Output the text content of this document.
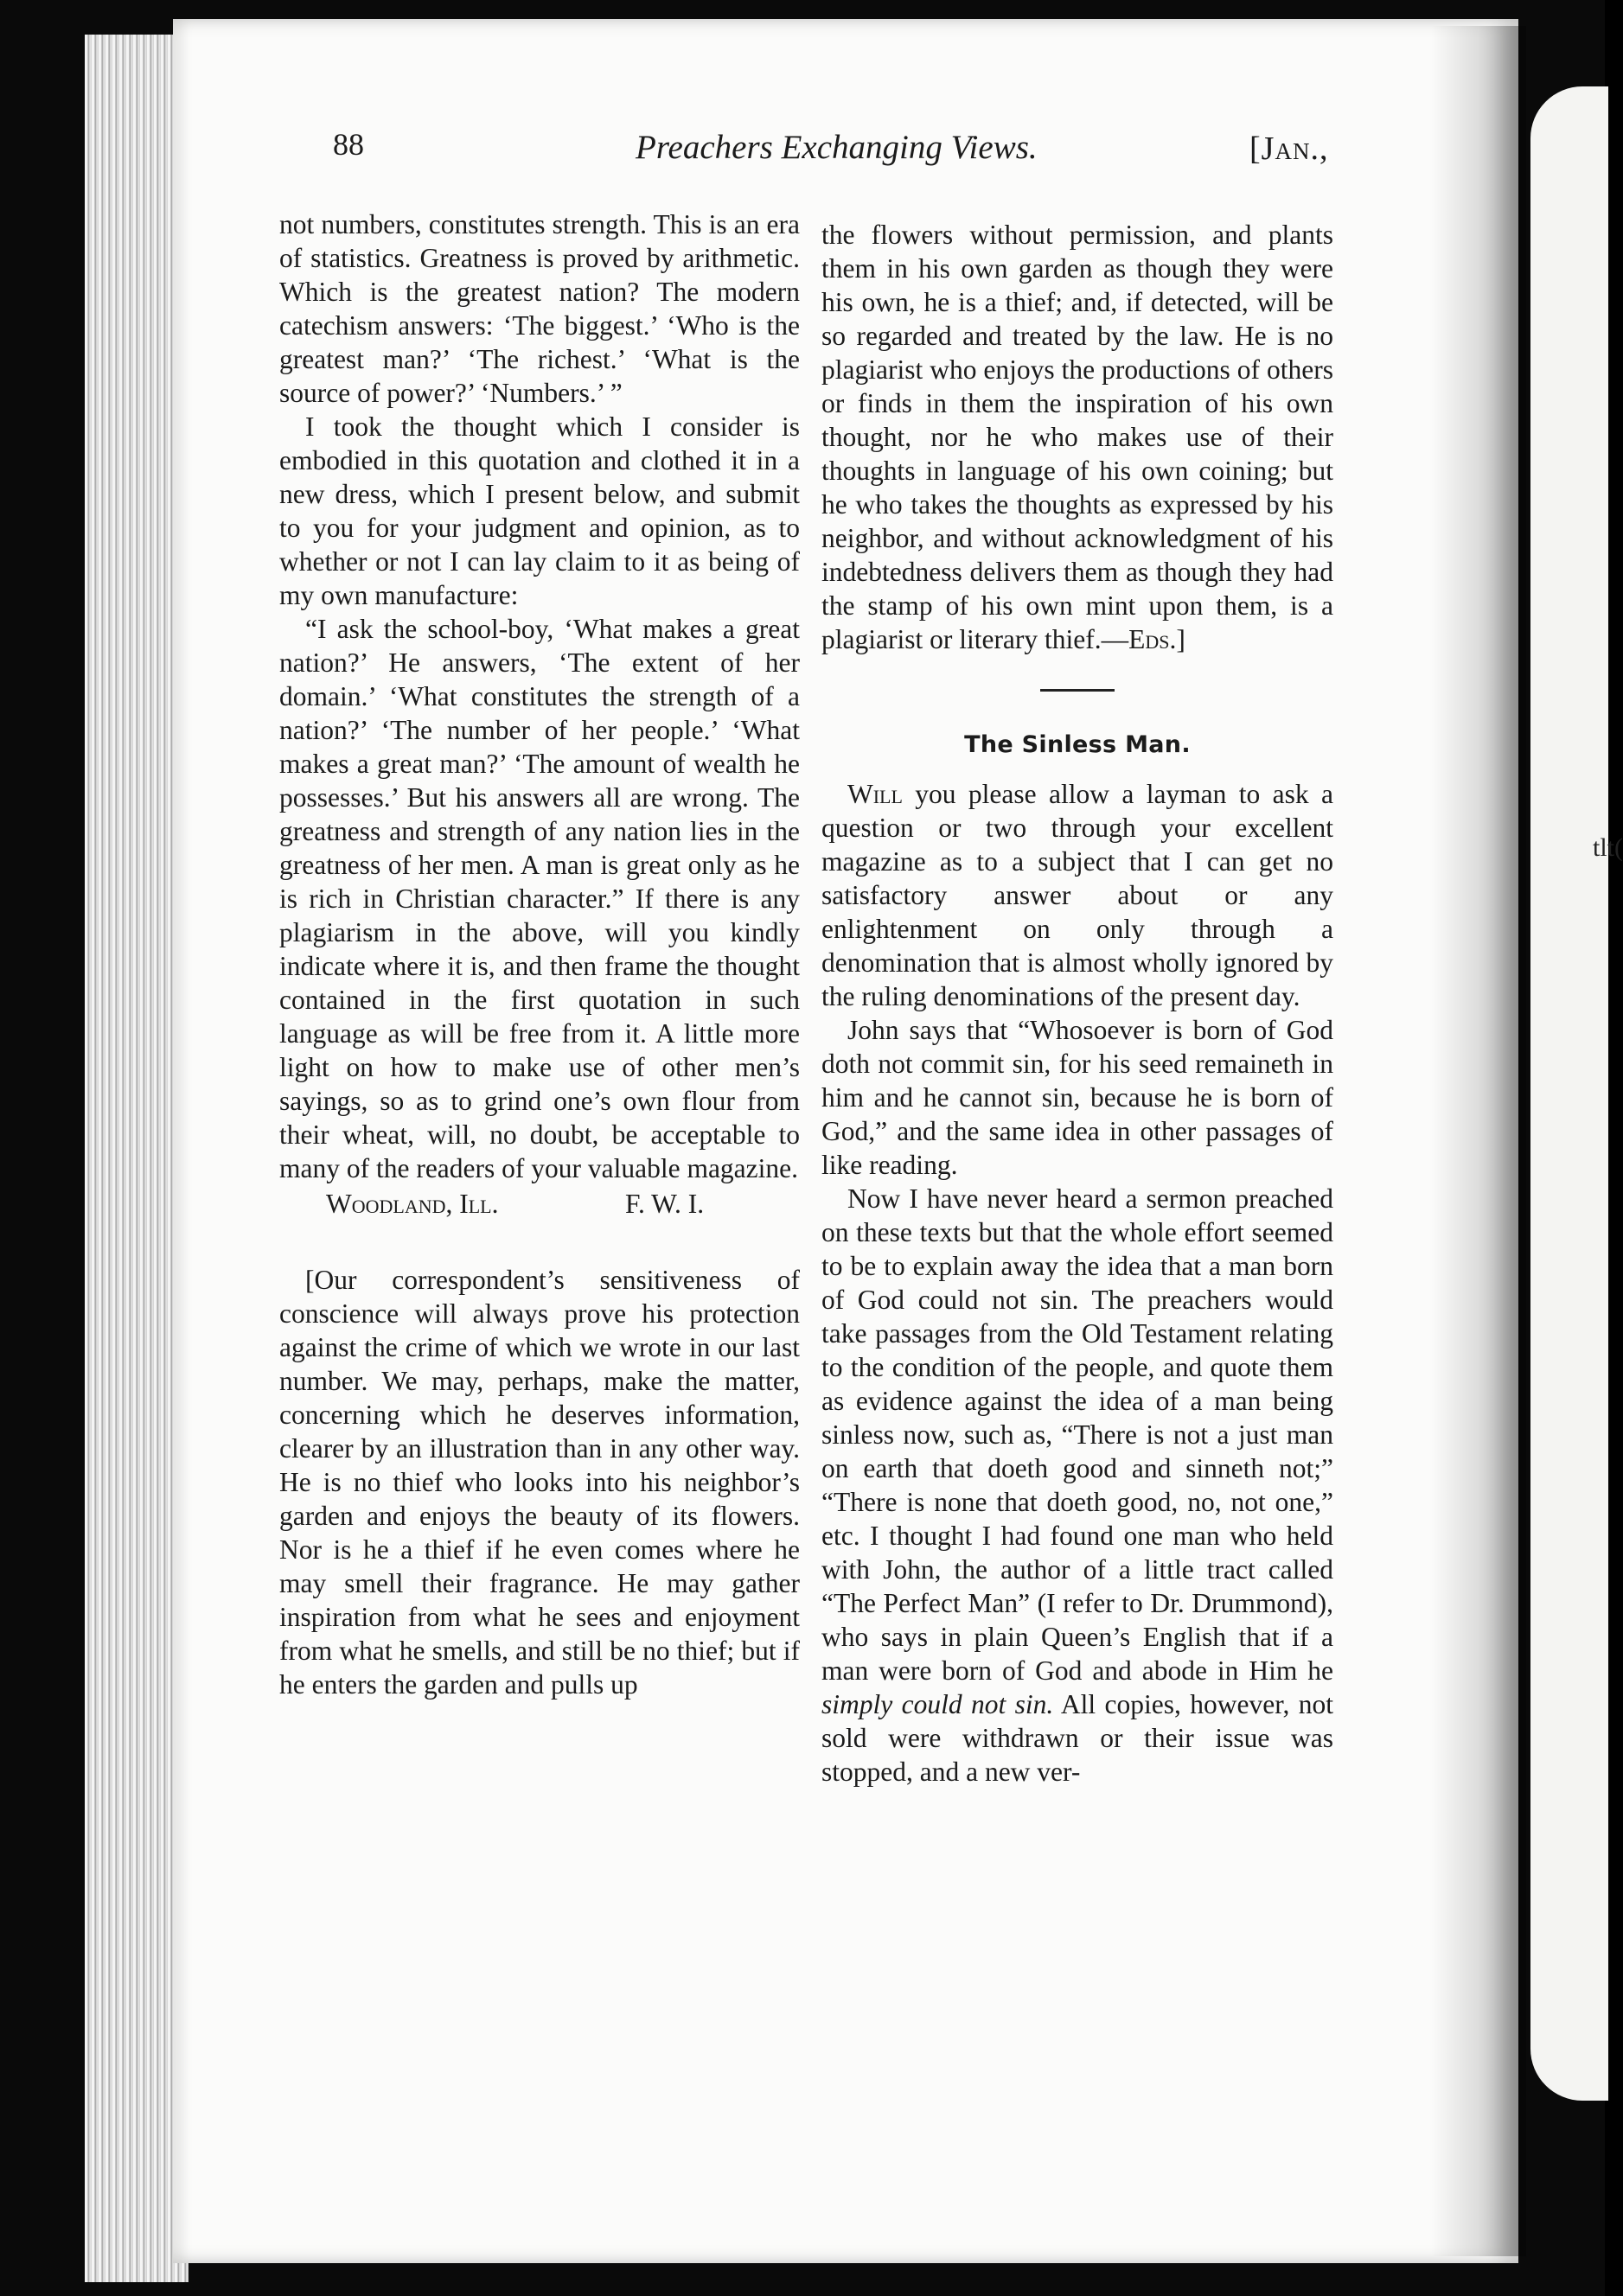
tlt(
88	Preachers Exchanging Views.	[Jan.,

not numbers, constitutes strength. This is an era of statistics. Greatness is proved by arithmetic. Which is the greatest nation? The modern catechism answers: ‘The biggest.’ ‘Who is the greatest man?’ ‘The richest.’ ‘What is the source of power?’ ‘Numbers.’ ”

I took the thought which I consider is embodied in this quotation and clothed it in a new dress, which I present below, and submit to you for your judgment and opinion, as to whether or not I can lay claim to it as being of my own manufacture:

“I ask the school-boy, ‘What makes a great nation?’ He answers, ‘The extent of her domain.’ ‘What constitutes the strength of a nation?’ ‘The number of her people.’ ‘What makes a great man?’ ‘The amount of wealth he possesses.’ But his answers all are wrong. The greatness and strength of any nation lies in the greatness of her men. A man is great only as he is rich in Christian character.” If there is any plagiarism in the above, will you kindly indicate where it is, and then frame the thought contained in the first quotation in such language as will be free from it. A little more light on how to make use of other men’s sayings, so as to grind one’s own flour from their wheat, will, no doubt, be acceptable to many of the readers of your valuable magazine.

Woodland, Ill.	F. W. I.

[Our correspondent’s sensitiveness of conscience will always prove his protection against the crime of which we wrote in our last number. We may, perhaps, make the matter, concerning which he deserves information, clearer by an illustration than in any other way. He is no thief who looks into his neighbor’s garden and enjoys the beauty of its flowers. Nor is he a thief if he even comes where he may smell their fragrance. He may gather inspiration from what he sees and enjoyment from what he smells, and still be no thief; but if he enters the garden and pulls up

the flowers without permission, and plants them in his own garden as though they were his own, he is a thief; and, if detected, will be so regarded and treated by the law. He is no plagiarist who enjoys the productions of others or finds in them the inspiration of his own thought, nor he who makes use of their thoughts in language of his own coining; but he who takes the thoughts as expressed by his neighbor, and without acknowledgment of his indebtedness delivers them as though they had the stamp of his own mint upon them, is a plagiarist or literary thief.—Eds.]

The Sinless Man.

Will you please allow a layman to ask a question or two through your excellent magazine as to a subject that I can get no satisfactory answer about or any enlightenment on only through a denomination that is almost wholly ignored by the ruling denominations of the present day.

John says that “Whosoever is born of God doth not commit sin, for his seed remaineth in him and he cannot sin, because he is born of God,” and the same idea in other passages of like reading.

Now I have never heard a sermon preached on these texts but that the whole effort seemed to be to explain away the idea that a man born of God could not sin. The preachers would take passages from the Old Testament relating to the condition of the people, and quote them as evidence against the idea of a man being sinless now, such as, “There is not a just man on earth that doeth good and sinneth not;” “There is none that doeth good, no, not one,” etc. I thought I had found one man who held with John, the author of a little tract called “The Perfect Man” (I refer to Dr. Drummond), who says in plain Queen’s English that if a man were born of God and abode in Him he simply could not sin. All copies, however, not sold were withdrawn or their issue was stopped, and a new ver-
